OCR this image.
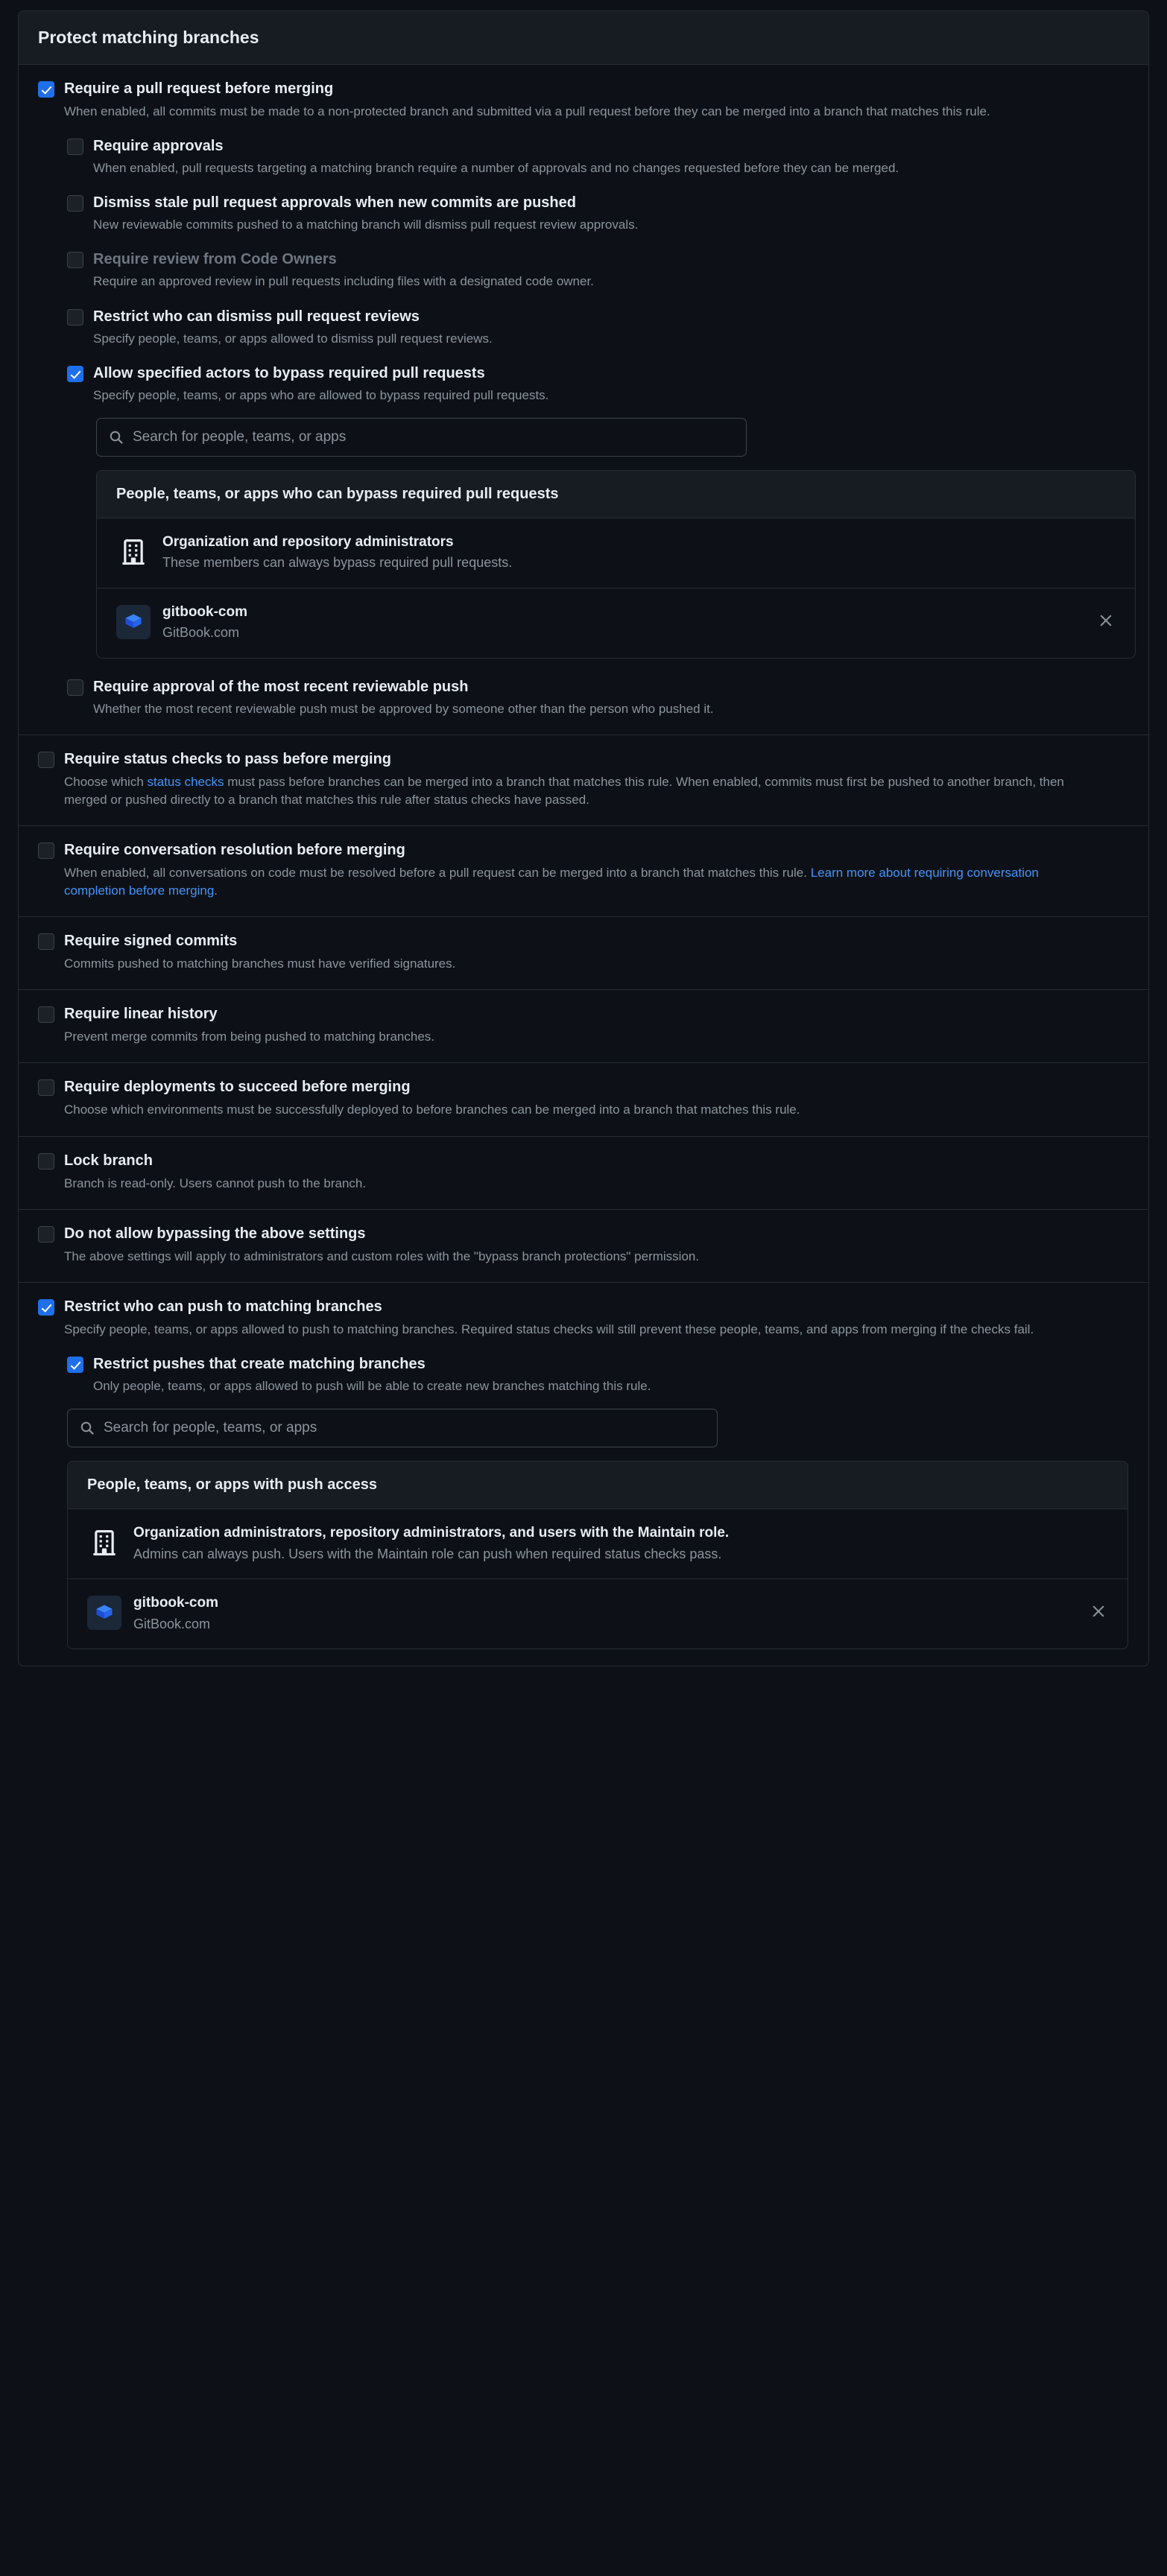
Protect matching branches
Require a pull request before merging
When enabled, all commits must be made to a non-protected branch and submitted via a pull request before they can be merged into a branch that matches this rule.
Require approvals
When enabled, pull requests targeting a matching branch require a number of approvals and no changes requested before they can be merged.
Dismiss stale pull request approvals when new commits are pushed
New reviewable commits pushed to a matching branch will dismiss pull request review approvals.
Require review from Code Owners
Require an approved review in pull requests including files with a designated code owner.
Restrict who can dismiss pull request reviews
Specify people, teams, or apps allowed to dismiss pull request reviews.
Allow specified actors to bypass required pull requests
Specify people, teams, or apps who are allowed to bypass required pull requests.
Search for people, teams, or apps
People, teams, or apps who can bypass required pull requests
Organization and repository administrators
These members can always bypass required pull requests.
gitbook-com
GitBook.com
Require approval of the most recent reviewable push
Whether the most recent reviewable push must be approved by someone other than the person who pushed it.
Require status checks to pass before merging
Choose which status checks must pass before branches can be merged into a branch that matches this rule. When enabled, commits must first be pushed to another branch, then merged or pushed directly to a branch that matches this rule after status checks have passed.
Require conversation resolution before merging
When enabled, all conversations on code must be resolved before a pull request can be merged into a branch that matches this rule. Learn more about requiring conversation completion before merging.
Require signed commits
Commits pushed to matching branches must have verified signatures.
Require linear history
Prevent merge commits from being pushed to matching branches.
Require deployments to succeed before merging
Choose which environments must be successfully deployed to before branches can be merged into a branch that matches this rule.
Lock branch
Branch is read-only. Users cannot push to the branch.
Do not allow bypassing the above settings
The above settings will apply to administrators and custom roles with the "bypass branch protections" permission.
Restrict who can push to matching branches
Specify people, teams, or apps allowed to push to matching branches. Required status checks will still prevent these people, teams, and apps from merging if the checks fail.
Restrict pushes that create matching branches
Only people, teams, or apps allowed to push will be able to create new branches matching this rule.
Search for people, teams, or apps
People, teams, or apps with push access
Organization administrators, repository administrators, and users with the Maintain role.
Admins can always push. Users with the Maintain role can push when required status checks pass.
gitbook-com
GitBook.com
